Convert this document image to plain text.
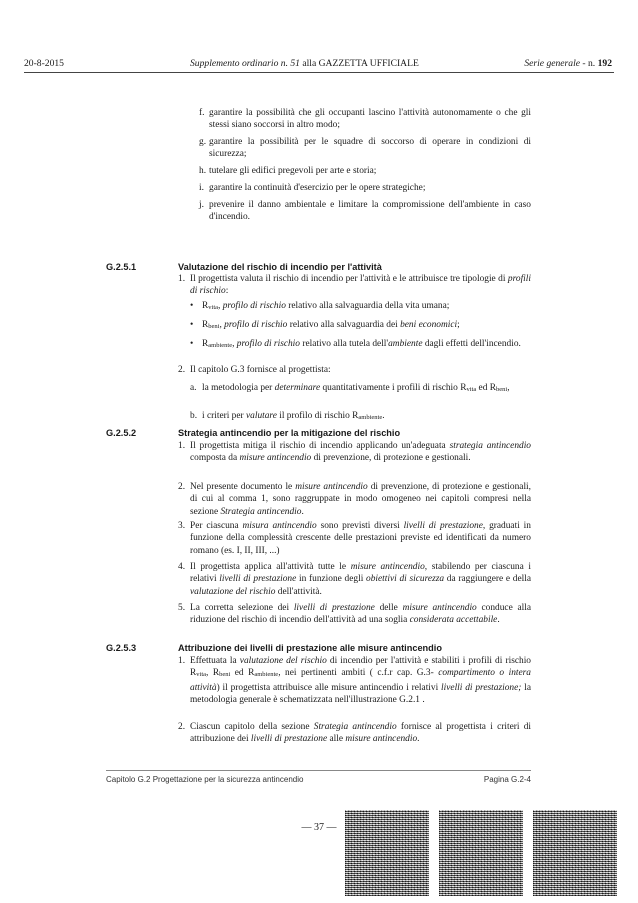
20-8-2015	Supplemento ordinario n. 51 alla GAZZETTA UFFICIALE	Serie generale - n. 192
f. garantire la possibilità che gli occupanti lascino l'attività autonomamente o che gli stessi siano soccorsi in altro modo;
g. garantire la possibilità per le squadre di soccorso di operare in condizioni di sicurezza;
h. tutelare gli edifici pregevoli per arte e storia;
i. garantire la continuità d'esercizio per le opere strategiche;
j. prevenire il danno ambientale e limitare la compromissione dell'ambiente in caso d'incendio.
G.2.5.1	Valutazione del rischio di incendio per l'attività
1. Il progettista valuta il rischio di incendio per l'attività e le attribuisce tre tipologie di profili di rischio:
• $R_{vita}$, profilo di rischio relativo alla salvaguardia della vita umana;
• $R_{beni}$, profilo di rischio relativo alla salvaguardia dei beni economici;
• $R_{ambiente}$, profilo di rischio relativo alla tutela dell'ambiente dagli effetti dell'incendio.
2. Il capitolo G.3 fornisce al progettista:
a. la metodologia per determinare quantitativamente i profili di rischio $R_{vita}$ ed $R_{beni}$,
b. i criteri per valutare il profilo di rischio $R_{ambiente}$.
G.2.5.2	Strategia antincendio per la mitigazione del rischio
1. Il progettista mitiga il rischio di incendio applicando un'adeguata strategia antincendio composta da misure antincendio di prevenzione, di protezione e gestionali.
2. Nel presente documento le misure antincendio di prevenzione, di protezione e gestionali, di cui al comma 1, sono raggruppate in modo omogeneo nei capitoli compresi nella sezione Strategia antincendio.
3. Per ciascuna misura antincendio sono previsti diversi livelli di prestazione, graduati in funzione della complessità crescente delle prestazioni previste ed identificati da numero romano (es. I, II, III, ...)
4. Il progettista applica all'attività tutte le misure antincendio, stabilendo per ciascuna i relativi livelli di prestazione in funzione degli obiettivi di sicurezza da raggiungere e della valutazione del rischio dell'attività.
5. La corretta selezione dei livelli di prestazione delle misure antincendio conduce alla riduzione del rischio di incendio dell'attività ad una soglia considerata accettabile.
G.2.5.3	Attribuzione dei livelli di prestazione alle misure antincendio
1. Effettuata la valutazione del rischio di incendio per l'attività e stabiliti i profili di rischio $R_{vita}$, $R_{beni}$ ed $R_{ambiente}$, nei pertinenti ambiti ( c.f.r cap. G.3- compartimento o intera attività) il progettista attribuisce alle misure antincendio i relativi livelli di prestazione; la metodologia generale è schematizzata nell'illustrazione G.2.1 .
2. Ciascun capitolo della sezione Strategia antincendio fornisce al progettista i criteri di attribuzione dei livelli di prestazione alle misure antincendio.
Capitolo G.2 Progettazione per la sicurezza antincendio	Pagina G.2-4
— 37 —
